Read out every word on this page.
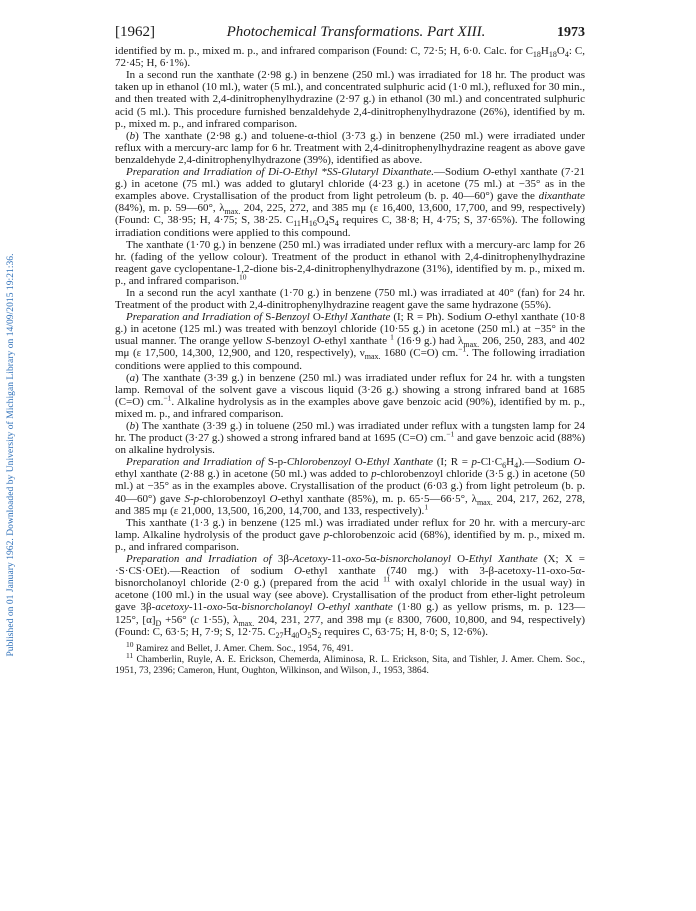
Published on 01 January 1962. Downloaded by University of Michigan Library on 14/09/2015 19:21:36.
[1962]	Photochemical Transformations. Part XIII.	1973

identified by m. p., mixed m. p., and infrared comparison (Found: C, 72·5; H, 6·0. Calc. for $C_{18}H_{18}O_4$: C, 72·45; H, 6·1%).

In a second run the xanthate (2·98 g.) in benzene (250 ml.) was irradiated for 18 hr. The product was taken up in ethanol (10 ml.), water (5 ml.), and concentrated sulphuric acid (1·0 ml.), refluxed for 30 min., and then treated with 2,4-dinitrophenylhydrazine (2·97 g.) in ethanol (30 ml.) and concentrated sulphuric acid (5 ml.). This procedure furnished benzaldehyde 2,4-dinitrophenylhydrazone (26%), identified by m. p., mixed m. p., and infrared comparison.

(b) The xanthate (2·98 g.) and toluene-α-thiol (3·73 g.) in benzene (250 ml.) were irradiated under reflux with a mercury-arc lamp for 6 hr. Treatment with 2,4-dinitrophenylhydrazine reagent as above gave benzaldehyde 2,4-dinitrophenylhydrazone (39%), identified as above.

Preparation and Irradiation of Di-O-Ethyl *SS-Glutaryl Dixanthate.—Sodium O-ethyl xanthate (7·21 g.) in acetone (75 ml.) was added to glutaryl chloride (4·23 g.) in acetone (75 ml.) at −35° as in the examples above. Crystallisation of the product from light petroleum (b. p. 40—60°) gave the dixanthate (84%), m. p. 59—60°, $\lambda_{max.}$ 204, 225, 272, and 385 mμ (ε 16,400, 13,600, 17,700, and 99, respectively) (Found: C, 38·95; H, 4·75; S, 38·25. $C_{11}H_{16}O_4S_4$ requires C, 38·8; H, 4·75; S, 37·65%). The following irradiation conditions were applied to this compound.

The xanthate (1·70 g.) in benzene (250 ml.) was irradiated under reflux with a mercury-arc lamp for 26 hr. (fading of the yellow colour). Treatment of the product in ethanol with 2,4-dinitrophenylhydrazine reagent gave cyclopentane-1,2-dione bis-2,4-dinitrophenylhydrazone (31%), identified by m. p., mixed m. p., and infrared comparison.$^{10}$

In a second run the acyl xanthate (1·70 g.) in benzene (750 ml.) was irradiated at 40° (fan) for 24 hr. Treatment of the product with 2,4-dinitrophenylhydrazine reagent gave the same hydrazone (55%).

Preparation and Irradiation of S-Benzoyl O-Ethyl Xanthate (I; R = Ph). Sodium O-ethyl xanthate (10·8 g.) in acetone (125 ml.) was treated with benzoyl chloride (10·55 g.) in acetone (250 ml.) at −35° in the usual manner. The orange yellow S-benzoyl O-ethyl xanthate $^1$ (16·9 g.) had $\lambda_{max.}$ 206, 250, 283, and 402 mμ (ε 17,500, 14,300, 12,900, and 120, respectively), $\nu_{max.}$ 1680 (C=O) cm.$^{-1}$. The following irradiation conditions were applied to this compound.

(a) The xanthate (3·39 g.) in benzene (250 ml.) was irradiated under reflux for 24 hr. with a tungsten lamp. Removal of the solvent gave a viscous liquid (3·26 g.) showing a strong infrared band at 1685 (C=O) cm.$^{-1}$. Alkaline hydrolysis as in the examples above gave benzoic acid (90%), identified by m. p., mixed m. p., and infrared comparison.

(b) The xanthate (3·39 g.) in toluene (250 ml.) was irradiated under reflux with a tungsten lamp for 24 hr. The product (3·27 g.) showed a strong infrared band at 1695 (C=O) cm.$^{-1}$ and gave benzoic acid (88%) on alkaline hydrolysis.

Preparation and Irradiation of S-p-Chlorobenzoyl O-Ethyl Xanthate (I; $R = p-Cl\cdot C_6H_4).—Sodium$ O-ethyl xanthate (2·88 g.) in acetone (50 ml.) was added to p-chlorobenzoyl chloride (3·5 g.) in acetone (50 ml.) at −35° as in the examples above. Crystallisation of the product (6·03 g.) from light petroleum (b. p. 40—60°) gave S-p-chlorobenzoyl O-ethyl xanthate (85%), m. p. 65·5—66·5°, $\lambda_{max.}$ 204, 217, 262, 278, and 385 mμ (ε 21,000, 13,500, 16,200, 14,700, and 133, respectively).$^1$

This xanthate (1·3 g.) in benzene (125 ml.) was irradiated under reflux for 20 hr. with a mercury-arc lamp. Alkaline hydrolysis of the product gave p-chlorobenzoic acid (68%), identified by m. p., mixed m. p., and infrared comparison.

Preparation and Irradiation of 3β-Acetoxy-11-oxo-5α-bisnorcholanoyl O-Ethyl Xanthate (X; X = ·S·CS·OEt).—Reaction of sodium O-ethyl xanthate (740 mg.) with 3-β-acetoxy-11-oxo-5α-bisnorcholanoyl chloride (2·0 g.) (prepared from the acid $^{11}$ with oxalyl chloride in the usual way) in acetone (100 ml.) in the usual way (see above). Crystallisation of the product from ether-light petroleum gave 3β-acetoxy-11-oxo-5α-bisnorcholanoyl O-ethyl xanthate (1·80 g.) as yellow prisms, m. p. 123—125°, $[\alpha]_D +56^\circ$ (c 1·55), $\lambda_{max.}$ 204, 231, 277, and 398 mμ (ε 8300, 7600, 10,800, and 94, respectively) (Found: C, 63·5; H, 7·9; S, 12·75. $C_{27}H_{40}O_5S_2$ requires C, 63·75; H, 8·0; S, 12·6%).

$^{10}$ Ramirez and Bellet, J. Amer. Chem. Soc., 1954, 76, 491.

$^{11}$ Chamberlin, Ruyle, A. E. Erickson, Chemerda, Aliminosa, R. L. Erickson, Sita, and Tishler, J. Amer. Chem. Soc., 1951, 73, 2396; Cameron, Hunt, Oughton, Wilkinson, and Wilson, J., 1953, 3864.
